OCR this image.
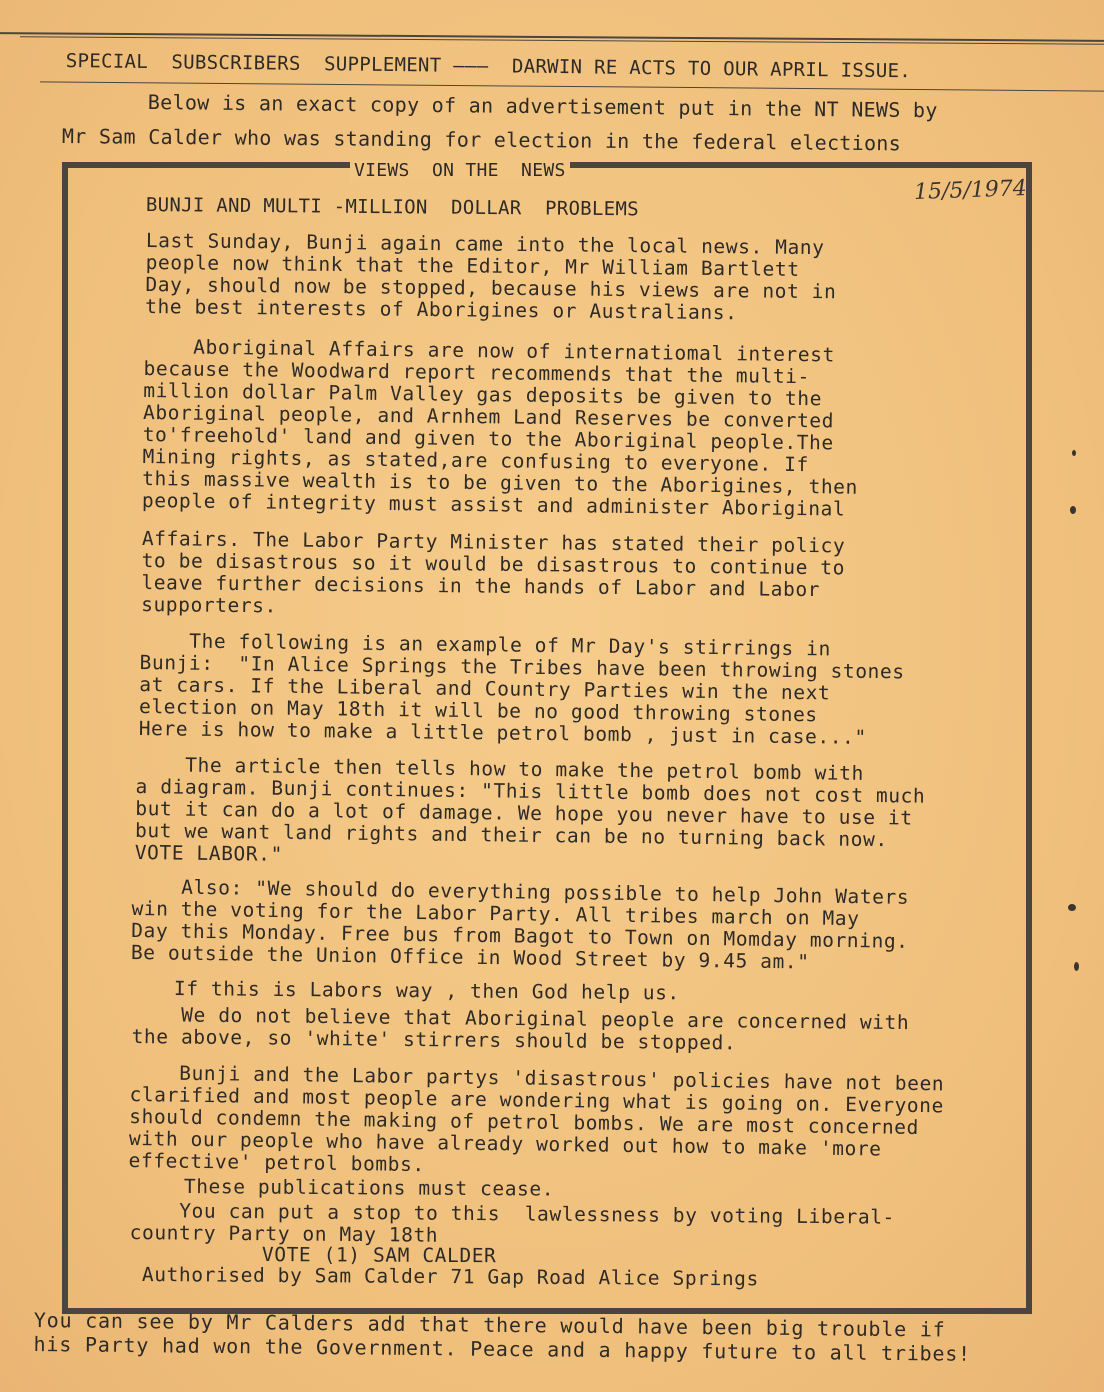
SPECIAL  SUBSCRIBERS  SUPPLEMENT ———  DARWIN RE ACTS TO OUR APRIL ISSUE.
Below is an exact copy of an advertisement put in the NT NEWS by
Mr Sam Calder who was standing for election in the federal elections
VIEWS  ON THE  NEWS
15/5/1974
BUNJI AND MULTI -MILLION  DOLLAR  PROBLEMS
Last Sunday, Bunji again came into the local news. Many
people now think that the Editor, Mr William Bartlett
Day, should now be stopped, because his views are not in
the best interests of Aborigines or Australians.
Aboriginal Affairs are now of internatiomal interest
because the Woodward report recommends that the multi-
million dollar Palm Valley gas deposits be given to the
Aboriginal people, and Arnhem Land Reserves be converted
to'freehold' land and given to the Aboriginal people.The
Mining rights, as stated,are confusing to everyone. If
this massive wealth is to be given to the Aborigines, then
people of integrity must assist and administer Aboriginal
Affairs. The Labor Party Minister has stated their policy
to be disastrous so it would be disastrous to continue to
leave further decisions in the hands of Labor and Labor
supporters.
The following is an example of Mr Day's stirrings in
Bunji:  "In Alice Springs the Tribes have been throwing stones
at cars. If the Liberal and Country Parties win the next
election on May 18th it will be no good throwing stones
Here is how to make a little petrol bomb , just in case..."
The article then tells how to make the petrol bomb with
a diagram. Bunji continues: "This little bomb does not cost much
but it can do a lot of damage. We hope you never have to use it
but we want land rights and their can be no turning back now.
VOTE LABOR."
Also: "We should do everything possible to help John Waters
win the voting for the Labor Party. All tribes march on May
Day this Monday. Free bus from Bagot to Town on Momday morning.
Be outside the Union Office in Wood Street by 9.45 am."
If this is Labors way , then God help us.
We do not believe that Aboriginal people are concerned with
the above, so 'white' stirrers should be stopped.
Bunji and the Labor partys 'disastrous' policies have not been
clarified and most people are wondering what is going on. Everyone
should condemn the making of petrol bombs. We are most concerned
with our people who have already worked out how to make 'more
effective' petrol bombs.
These publications must cease.
You can put a stop to this  lawlessness by voting Liberal-
country Party on May 18th
VOTE (1) SAM CALDER
Authorised by Sam Calder 71 Gap Road Alice Springs
You can see by Mr Calders add that there would have been big trouble if
his Party had won the Government. Peace and a happy future to all tribes!
